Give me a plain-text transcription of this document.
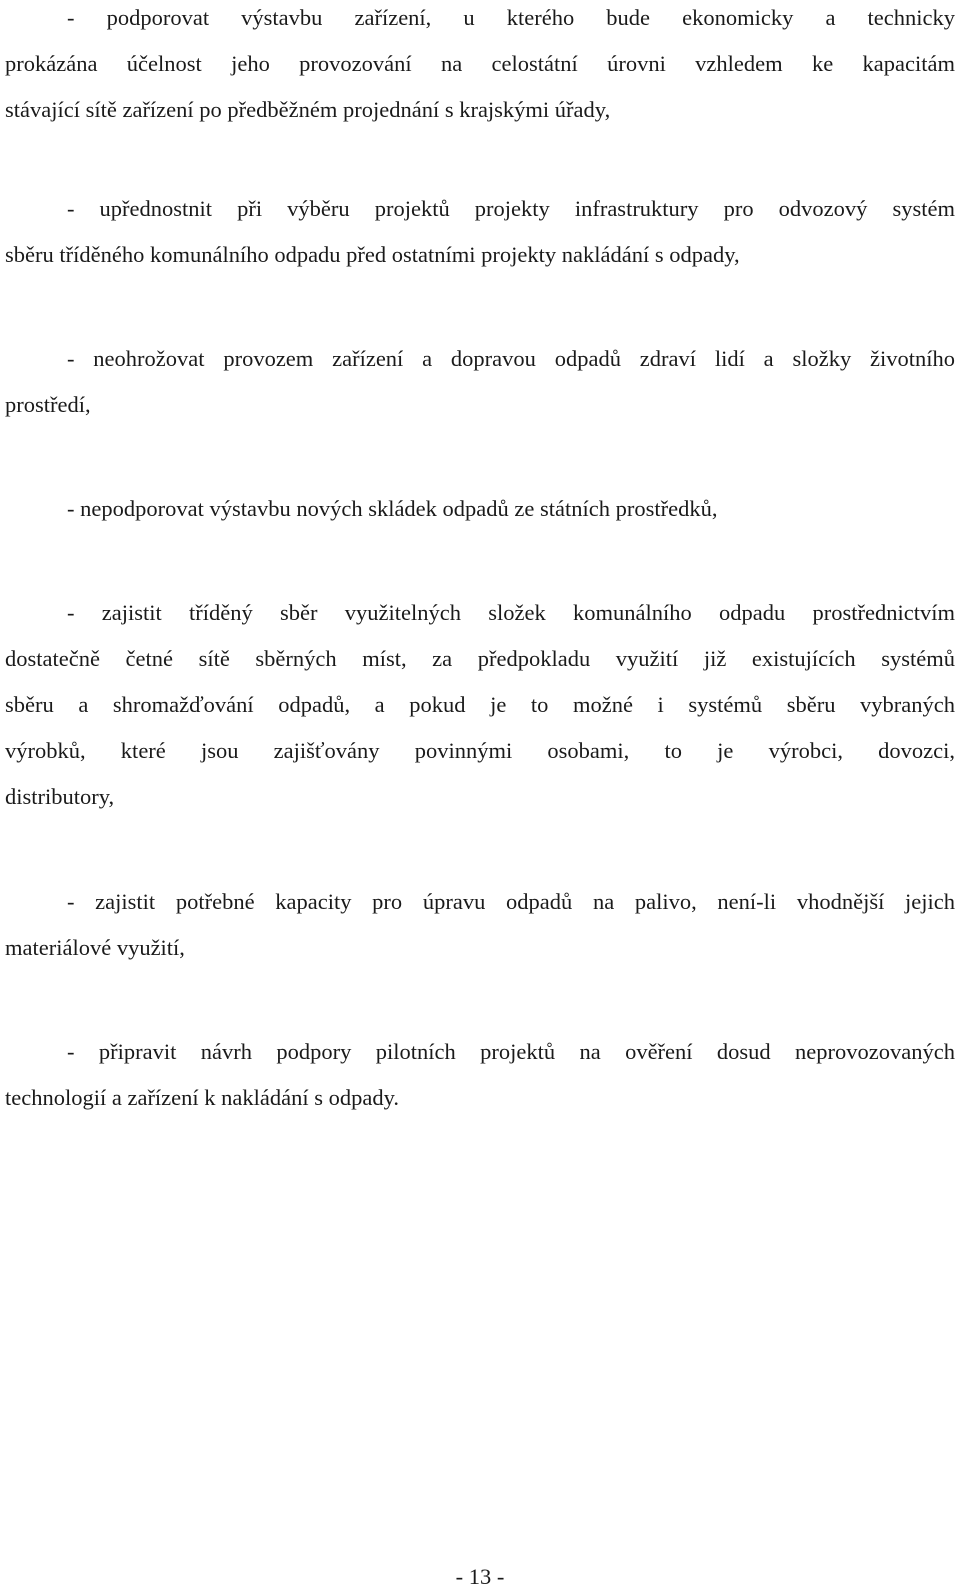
- podporovat výstavbu zařízení, u kterého bude ekonomicky a technicky
prokázána účelnost jeho provozování na celostátní úrovni vzhledem ke kapacitám
stávající sítě zařízení po předběžném projednání s krajskými úřady,
- upřednostnit při výběru projektů projekty infrastruktury pro odvozový systém
sběru tříděného komunálního odpadu před ostatními projekty nakládání s odpady,
- neohrožovat provozem zařízení a dopravou odpadů zdraví lidí a složky životního
prostředí,
- nepodporovat výstavbu nových skládek odpadů ze státních prostředků,
- zajistit tříděný sběr využitelných složek komunálního odpadu prostřednictvím
dostatečně četné sítě sběrných míst, za předpokladu využití již existujících systémů
sběru a shromažďování odpadů, a pokud je to možné i systémů sběru vybraných
výrobků, které jsou zajišťovány povinnými osobami, to je výrobci, dovozci,
distributory,
- zajistit potřebné kapacity pro úpravu odpadů na palivo, není-li vhodnější jejich
materiálové využití,
- připravit návrh podpory pilotních projektů na ověření dosud neprovozovaných
technologií a zařízení k nakládání s odpady.
- 13 -
